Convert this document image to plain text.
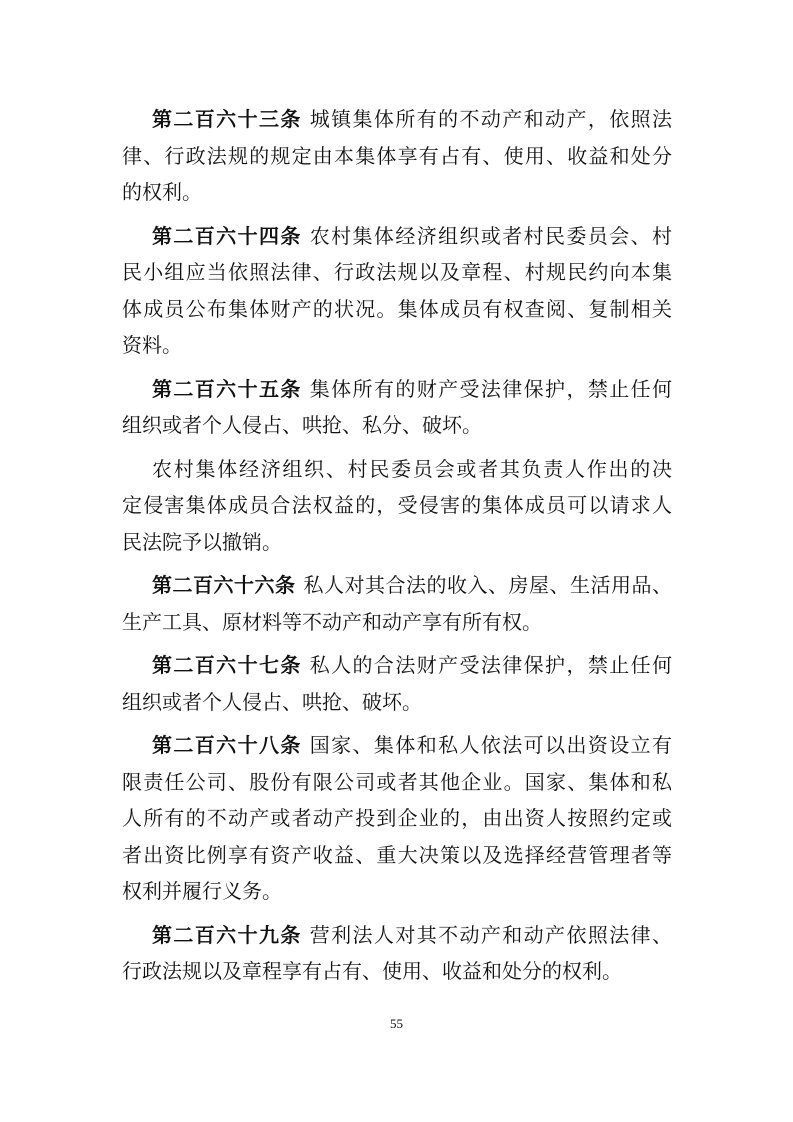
第二百六十三条 城镇集体所有的不动产和动产，依照法
律、行政法规的规定由本集体享有占有、使用、收益和处分
的权利。
第二百六十四条 农村集体经济组织或者村民委员会、村
民小组应当依照法律、行政法规以及章程、村规民约向本集
体成员公布集体财产的状况。集体成员有权查阅、复制相关
资料。
第二百六十五条 集体所有的财产受法律保护，禁止任何
组织或者个人侵占、哄抢、私分、破坏。
农村集体经济组织、村民委员会或者其负责人作出的决
定侵害集体成员合法权益的，受侵害的集体成员可以请求人
民法院予以撤销。
第二百六十六条 私人对其合法的收入、房屋、生活用品、
生产工具、原材料等不动产和动产享有所有权。
第二百六十七条 私人的合法财产受法律保护，禁止任何
组织或者个人侵占、哄抢、破坏。
第二百六十八条 国家、集体和私人依法可以出资设立有
限责任公司、股份有限公司或者其他企业。国家、集体和私
人所有的不动产或者动产投到企业的，由出资人按照约定或
者出资比例享有资产收益、重大决策以及选择经营管理者等
权利并履行义务。
第二百六十九条 营利法人对其不动产和动产依照法律、
行政法规以及章程享有占有、使用、收益和处分的权利。
55
